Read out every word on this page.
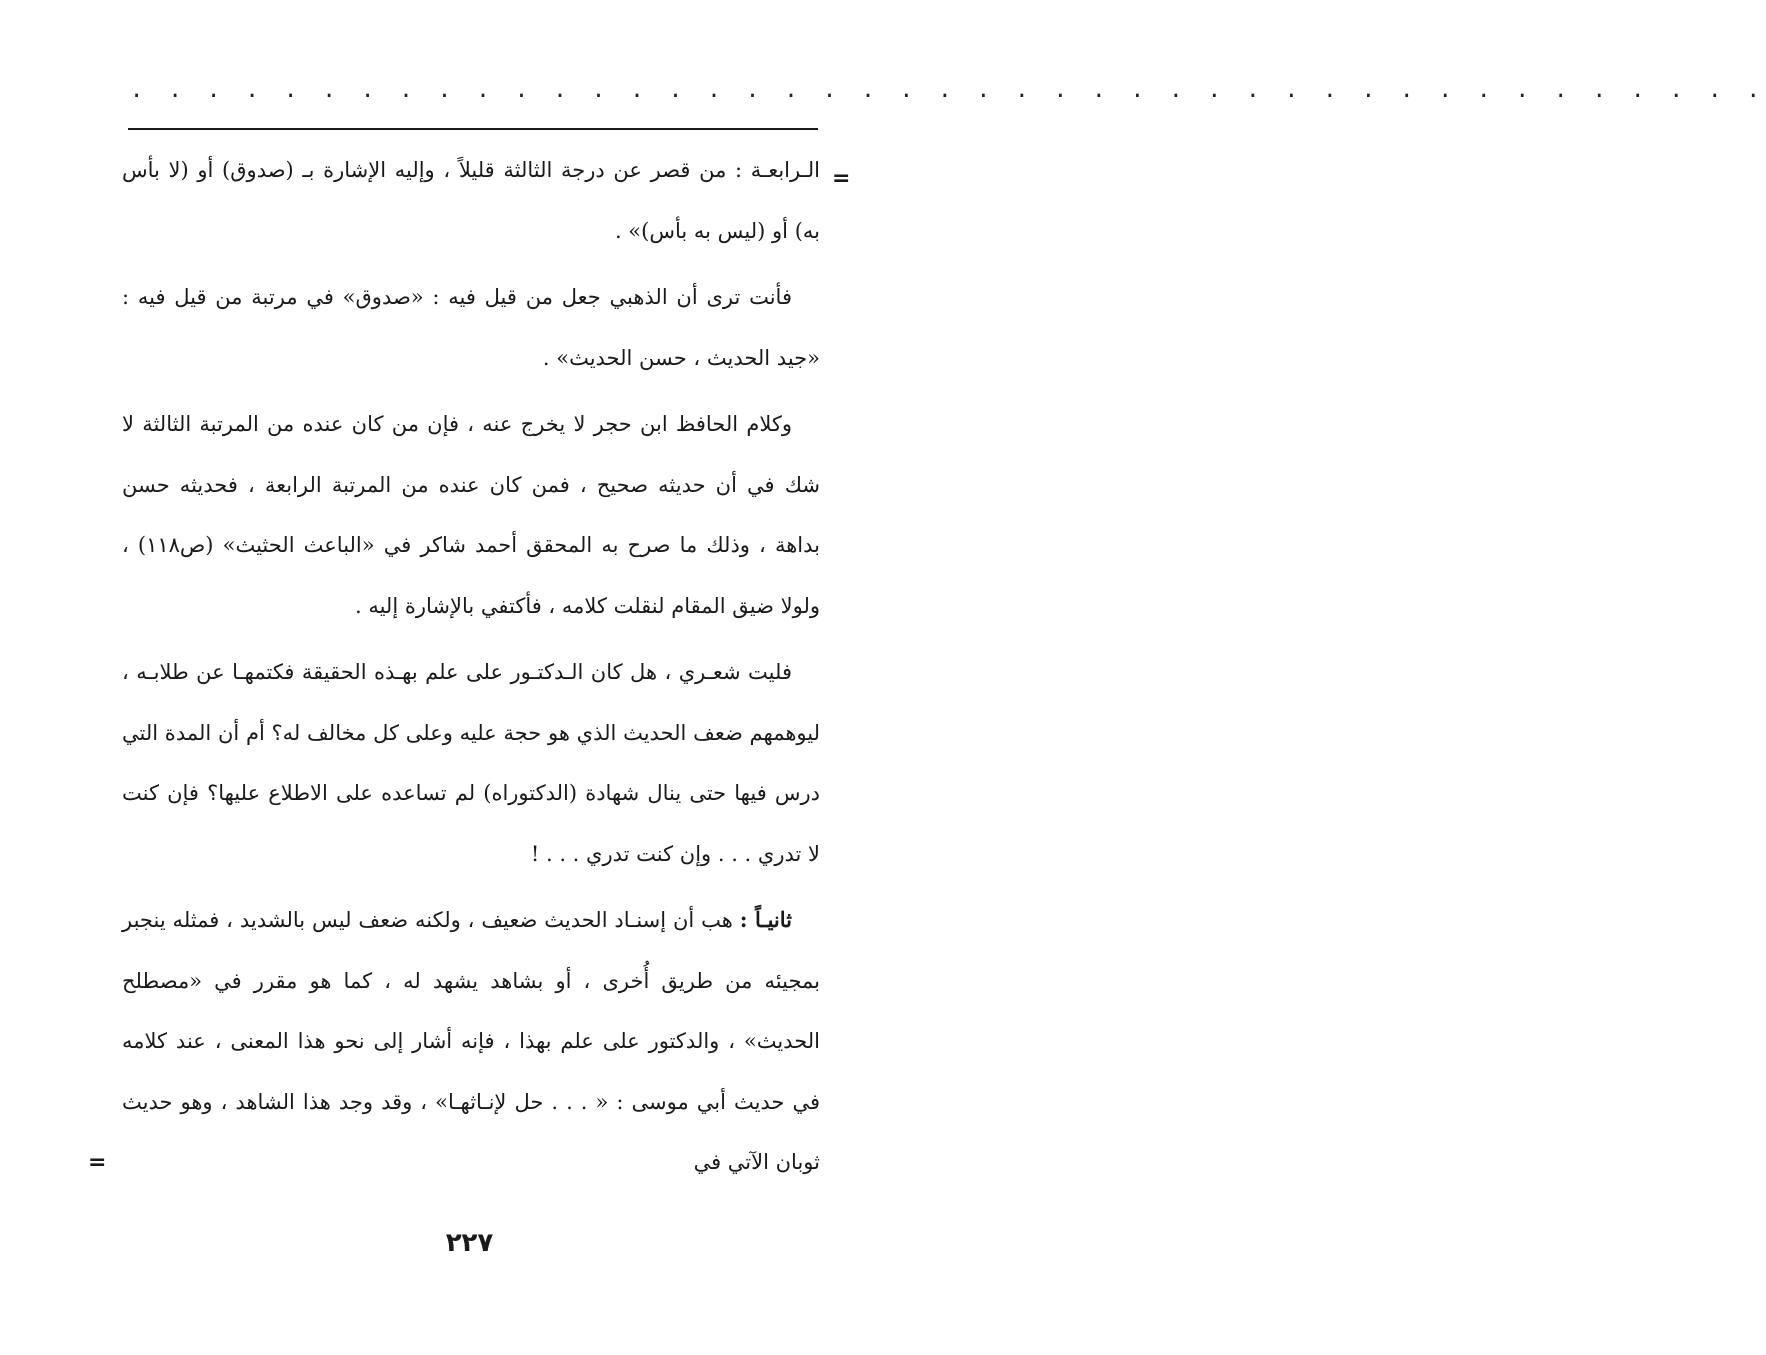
. . . . . . . . . . . . . . . . . . . . . . . . . . . . . . . . . . . . . . . . . . .
=

الـرابعـة : من قصر عن درجة الثالثة قليلاً ، وإليه الإشارة بـ (صدوق) أو (لا بأس به) أو (ليس به بأس)» .

فأنت ترى أن الذهبي جعل من قيل فيه : «صدوق» في مرتبة من قيل فيه : «جيد الحديث ، حسن الحديث» .

وكلام الحافظ ابن حجر لا يخرج عنه ، فإن من كان عنده من المرتبة الثالثة لا شك في أن حديثه صحيح ، فمن كان عنده من المرتبة الرابعة ، فحديثه حسن بداهة ، وذلك ما صرح به المحقق أحمد شاكر في «الباعث الحثيث» (ص١١٨) ، ولولا ضيق المقام لنقلت كلامه ، فأكتفي بالإشارة إليه .

فليت شعـري ، هل كان الـدكتـور على علم بهـذه الحقيقة فكتمهـا عن طلابـه ، ليوهمهم ضعف الحديث الذي هو حجة عليه وعلى كل مخالف له؟ أم أن المدة التي درس فيها حتى ينال شهادة (الدكتوراه) لم تساعده على الاطلاع عليها؟ فإن كنت لا تدري . . . وإن كنت تدري . . . !

ثانيـاً : هب أن إسنـاد الحديث ضعيف ، ولكنه ضعف ليس بالشديد ، فمثله ينجبر بمجيئه من طريق أُخرى ، أو بشاهد يشهد له ، كما هو مقرر في «مصطلح الحديث» ، والدكتور على علم بهذا ، فإنه أشار إلى نحو هذا المعنى ، عند كلامه في حديث أبي موسى : « . . . حل لإنـاثهـا» ، وقد وجد هذا الشاهد ، وهو حديث ثوبان الآتي في

=
٢٢٧
